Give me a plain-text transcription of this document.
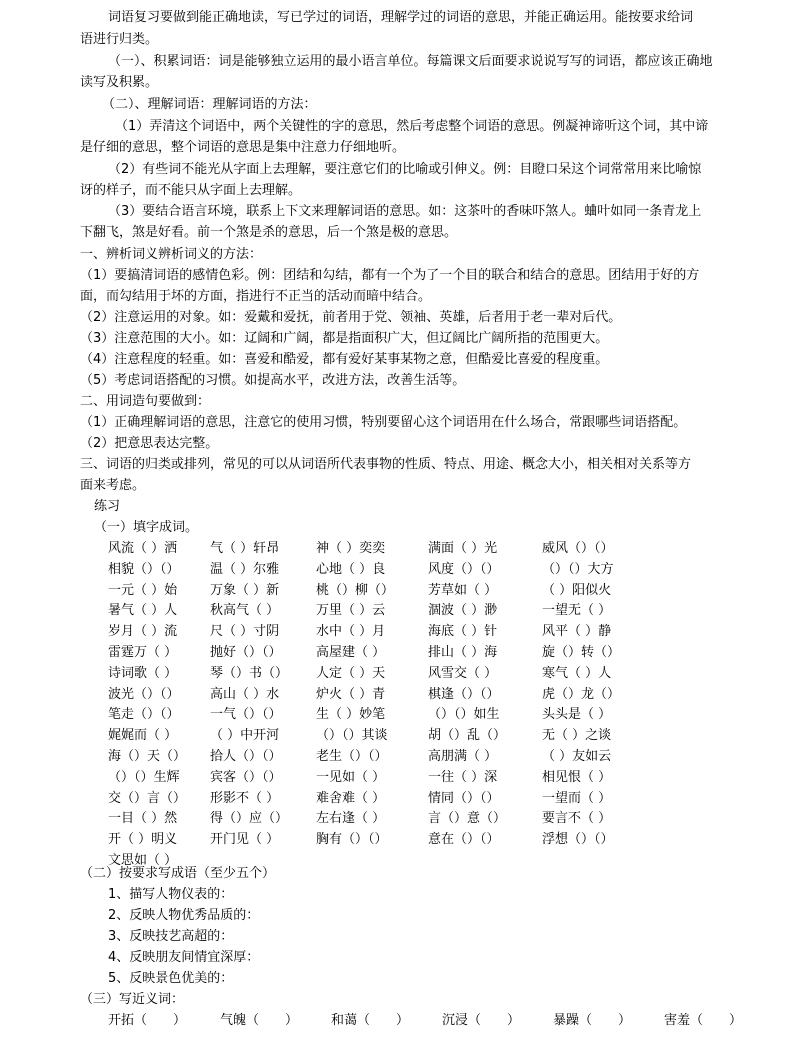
词语复习要做到能正确地读，写已学过的词语，理解学过的词语的意思，并能正确运用。能按要求给词
语进行归类。
（一）、积累词语：词是能够独立运用的最小语言单位。每篇课文后面要求说说写写的词语，都应该正确地
读写及积累。
（二）、理解词语：理解词语的方法：
（1）弄清这个词语中，两个关键性的字的意思，然后考虑整个词语的意思。例凝神谛听这个词，其中谛
是仔细的意思，整个词语的意思是集中注意力仔细地听。
（2）有些词不能光从字面上去理解，要注意它们的比喻或引伸义。例：目瞪口呆这个词常常用来比喻惊
讶的样子，而不能只从字面上去理解。
（3）要结合语言环境，联系上下文来理解词语的意思。如：这茶叶的香味吓煞人。蛐叶如同一条青龙上
下翻飞，煞是好看。前一个煞是杀的意思，后一个煞是极的意思。
一、辨析词义辨析词义的方法：
（1）要搞清词语的感情色彩。例：团结和勾结，都有一个为了一个目的联合和结合的意思。团结用于好的方
面，而勾结用于坏的方面，指进行不正当的活动而暗中结合。
（2）注意运用的对象。如：爱戴和爱抚，前者用于党、领袖、英雄，后者用于老一辈对后代。
（3）注意范围的大小。如：辽阔和广阔，都是指面积广大，但辽阔比广阔所指的范围更大。
（4）注意程度的轻重。如：喜爱和酷爱，都有爱好某事某物之意，但酷爱比喜爱的程度重。
（5）考虑词语搭配的习惯。如提高水平，改进方法，改善生活等。
二、用词造句要做到：
（1）正确理解词语的意思，注意它的使用习惯，特别要留心这个词语用在什么场合，常跟哪些词语搭配。
（2）把意思表达完整。
三、词语的归类或排列，常见的可以从词语所代表事物的性质、特点、用途、概念大小，相关相对关系等方
面来考虑。
练习
（一）填字成词。
风流（ ）洒	气（ ）轩昂	神（ ）奕奕	满面（ ）光	威风（）（）
相貌（）（） 温（ ）尔雅	心地（ ）良	风度（）（）	（）（）大方
一元（ ）始	万象（ ）新	桃（）柳（）	芳草如（ ）	（ ）阳似火
暑气（ ）人	秋高气（ ）	万里（ ）云	涸波（ ）渺	一望无（ ）
岁月（ ）流	尺（ ）寸阴	水中（ ）月	海底（ ）针	风平（ ）静
雷霆万（ ）	抛好（）（）	高屋建（ ）	排山（ ）海	旋（）转（）
诗词歌（ ）	琴（）书（） 人定（ ）天	风雪交（ ）	寒气（ ）人
波光（）（） 高山（ ）水	炉火（ ）青	棋逢（）（）	虎（）龙（）
笔走（）（） 一气（）（）	生（ ）妙笔	（）（）如生	头头是（ ）
娓娓而（ ）	（ ）中开河	（）（）其谈	胡（）乱（）	无（ ）之谈
海（）天（） 拾人（）（）	老生（）（）	高朋满（ ）	（ ）友如云
（）（）生辉 宾客（）（）	一见如（ ）	一往（ ）深	相见恨（ ）
交（）言（） 形影不（ ）	难舍难（ ）	情同（）（）	一望而（ ）
一目（ ）然	得（）应（） 左右逢（ ）	言（）意（）	要言不（ ）
开（ ）明义	开门见（ ）	胸有（）（）	意在（）（）	浮想（）（）
文思如（ ）
（二）按要求写成语（至少五个）
1、描写人物仪表的：
2、反映人物优秀品质的：
3、反映技艺高超的：
4、反映朋友间情宜深厚：
5、反映景色优美的：
（三）写近义词：
开拓（　　）	气魄（　　）	和蔼（　　）	沉浸（　　）	暴躁（　　）	害羞（　　）
